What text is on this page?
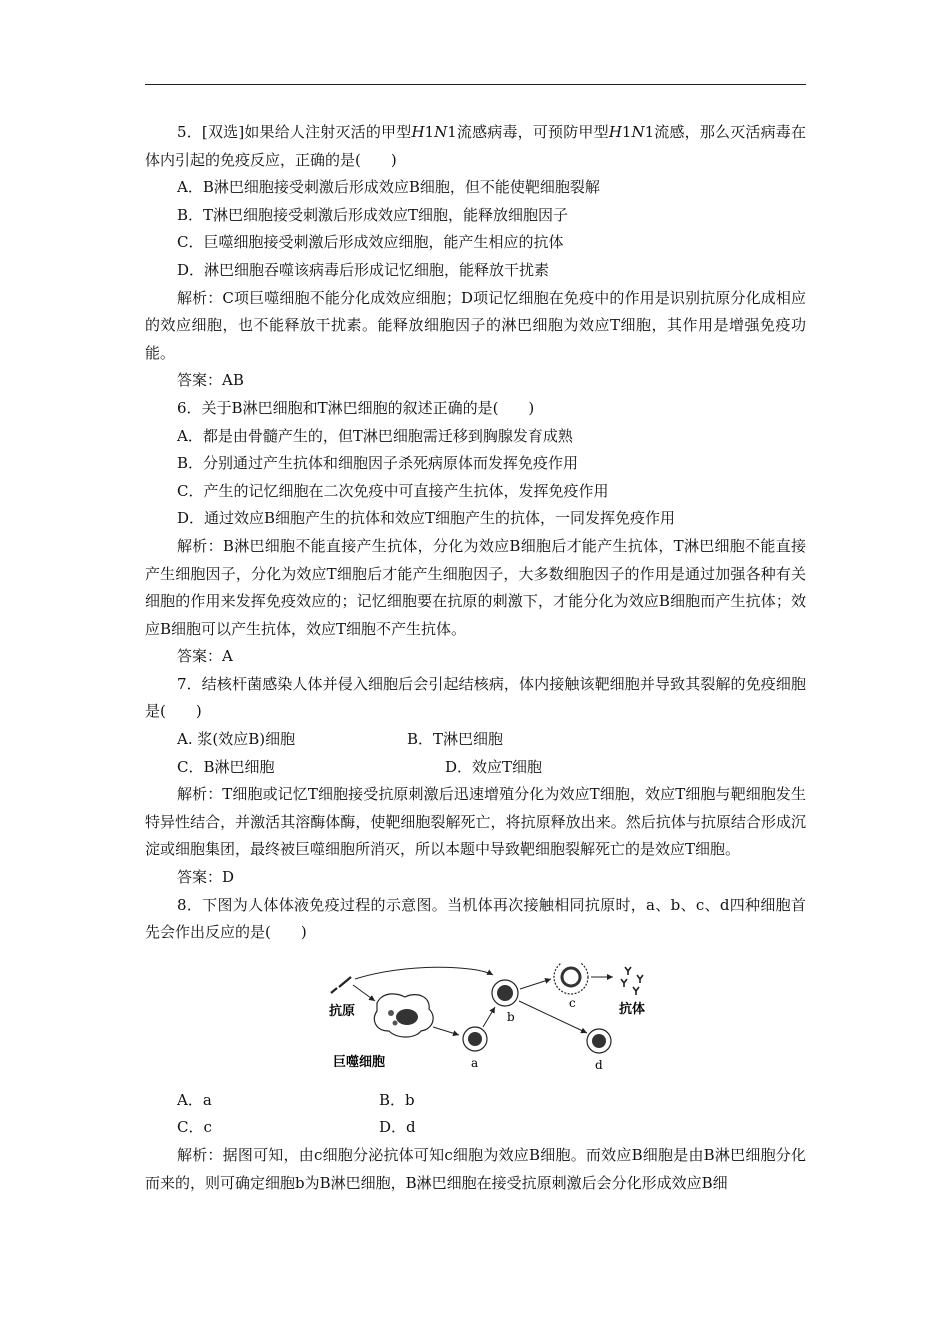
5．[双选]如果给人注射灭活的甲型H1N1流感病毒，可预防甲型H1N1流感，那么灭活病毒在体内引起的免疫反应，正确的是(　　)

A．B淋巴细胞接受刺激后形成效应B细胞，但不能使靶细胞裂解

B．T淋巴细胞接受刺激后形成效应T细胞，能释放细胞因子

C．巨噬细胞接受刺激后形成效应细胞，能产生相应的抗体

D．淋巴细胞吞噬该病毒后形成记忆细胞，能释放干扰素

解析：C项巨噬细胞不能分化成效应细胞；D项记忆细胞在免疫中的作用是识别抗原分化成相应的效应细胞，也不能释放干扰素。能释放细胞因子的淋巴细胞为效应T细胞，其作用是增强免疫功能。

答案：AB

6．关于B淋巴细胞和T淋巴细胞的叙述正确的是(　　)

A．都是由骨髓产生的，但T淋巴细胞需迁移到胸腺发育成熟

B．分别通过产生抗体和细胞因子杀死病原体而发挥免疫作用

C．产生的记忆细胞在二次免疫中可直接产生抗体，发挥免疫作用

D．通过效应B细胞产生的抗体和效应T细胞产生的抗体，一同发挥免疫作用

解析：B淋巴细胞不能直接产生抗体，分化为效应B细胞后才能产生抗体，T淋巴细胞不能直接产生细胞因子，分化为效应T细胞后才能产生细胞因子，大多数细胞因子的作用是通过加强各种有关细胞的作用来发挥免疫效应的；记忆细胞要在抗原的刺激下，才能分化为效应B细胞而产生抗体；效应B细胞可以产生抗体，效应T细胞不产生抗体。

答案：A

7．结核杆菌感染人体并侵入细胞后会引起结核病，体内接触该靶细胞并导致其裂解的免疫细胞是(　　)

A. 浆(效应B)细胞	B．T淋巴细胞
C．B淋巴细胞	D．效应T细胞

解析：T细胞或记忆T细胞接受抗原刺激后迅速增殖分化为效应T细胞，效应T细胞与靶细胞发生特异性结合，并激活其溶酶体酶，使靶细胞裂解死亡，将抗原释放出来。然后抗体与抗原结合形成沉淀或细胞集团，最终被巨噬细胞所消灭，所以本题中导致靶细胞裂解死亡的是效应T细胞。

答案：D

8．下图为人体体液免疫过程的示意图。当机体再次接触相同抗原时，a、b、c、d四种细胞首先会作出反应的是(　　)

抗原
巨噬细胞	a
b
c	抗体
d
A．a	B．b
C．c	D．d

解析：据图可知，由c细胞分泌抗体可知c细胞为效应B细胞。而效应B细胞是由B淋巴细胞分化而来的，则可确定细胞b为B淋巴细胞，B淋巴细胞在接受抗原刺激后会分化形成效应B细
